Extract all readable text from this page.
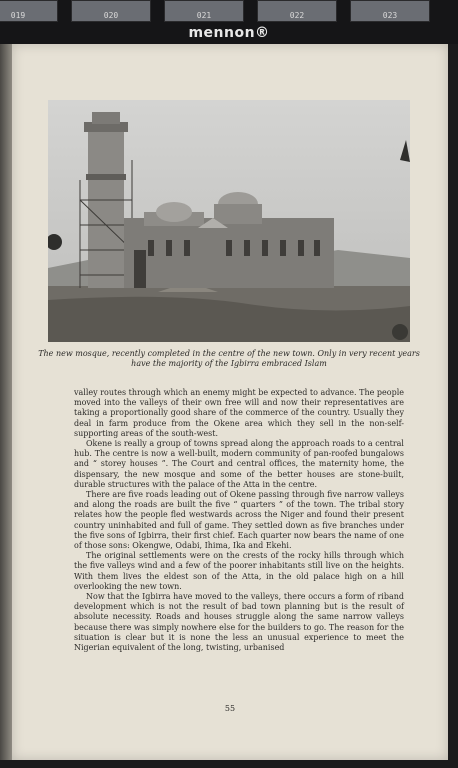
019	020	021	022	023
mennon®
The new mosque, recently completed in the centre of the new town. Only in very recent years have the majority of the Igbirra embraced Islam

valley routes through which an enemy might be expected to advance. The people moved into the valleys of their own free will and now their representatives are taking a proportionally good share of the commerce of the country. Usually they deal in farm produce from the Okene area which they sell in the non-self-supporting areas of the south-west.

Okene is really a group of towns spread along the approach roads to a central hub. The centre is now a well-built, modern community of pan-roofed bungalows and “ storey houses ”. The Court and central offices, the maternity home, the dispensary, the new mosque and some of the better houses are stone-built, durable structures with the palace of the Atta in the centre.

There are five roads leading out of Okene passing through five narrow valleys and along the roads are built the five “ quarters ” of the town. The tribal story relates how the people fled westwards across the Niger and found their present country uninhabited and full of game. They settled down as five branches under the five sons of Igbirra, their first chief. Each quarter now bears the name of one of those sons: Okengwe, Odabi, Ihima, Ika and Ekehi.

The original settlements were on the crests of the rocky hills through which the five valleys wind and a few of the poorer inhabitants still live on the heights. With them lives the eldest son of the Atta, in the old palace high on a hill overlooking the new town.

Now that the Igbirra have moved to the valleys, there occurs a form of riband development which is not the result of bad town planning but is the result of absolute necessity. Roads and houses struggle along the same narrow valleys because there was simply nowhere else for the builders to go. The reason for the situation is clear but it is none the less an unusual experience to meet the Nigerian equivalent of the long, twisting, urbanised

55
